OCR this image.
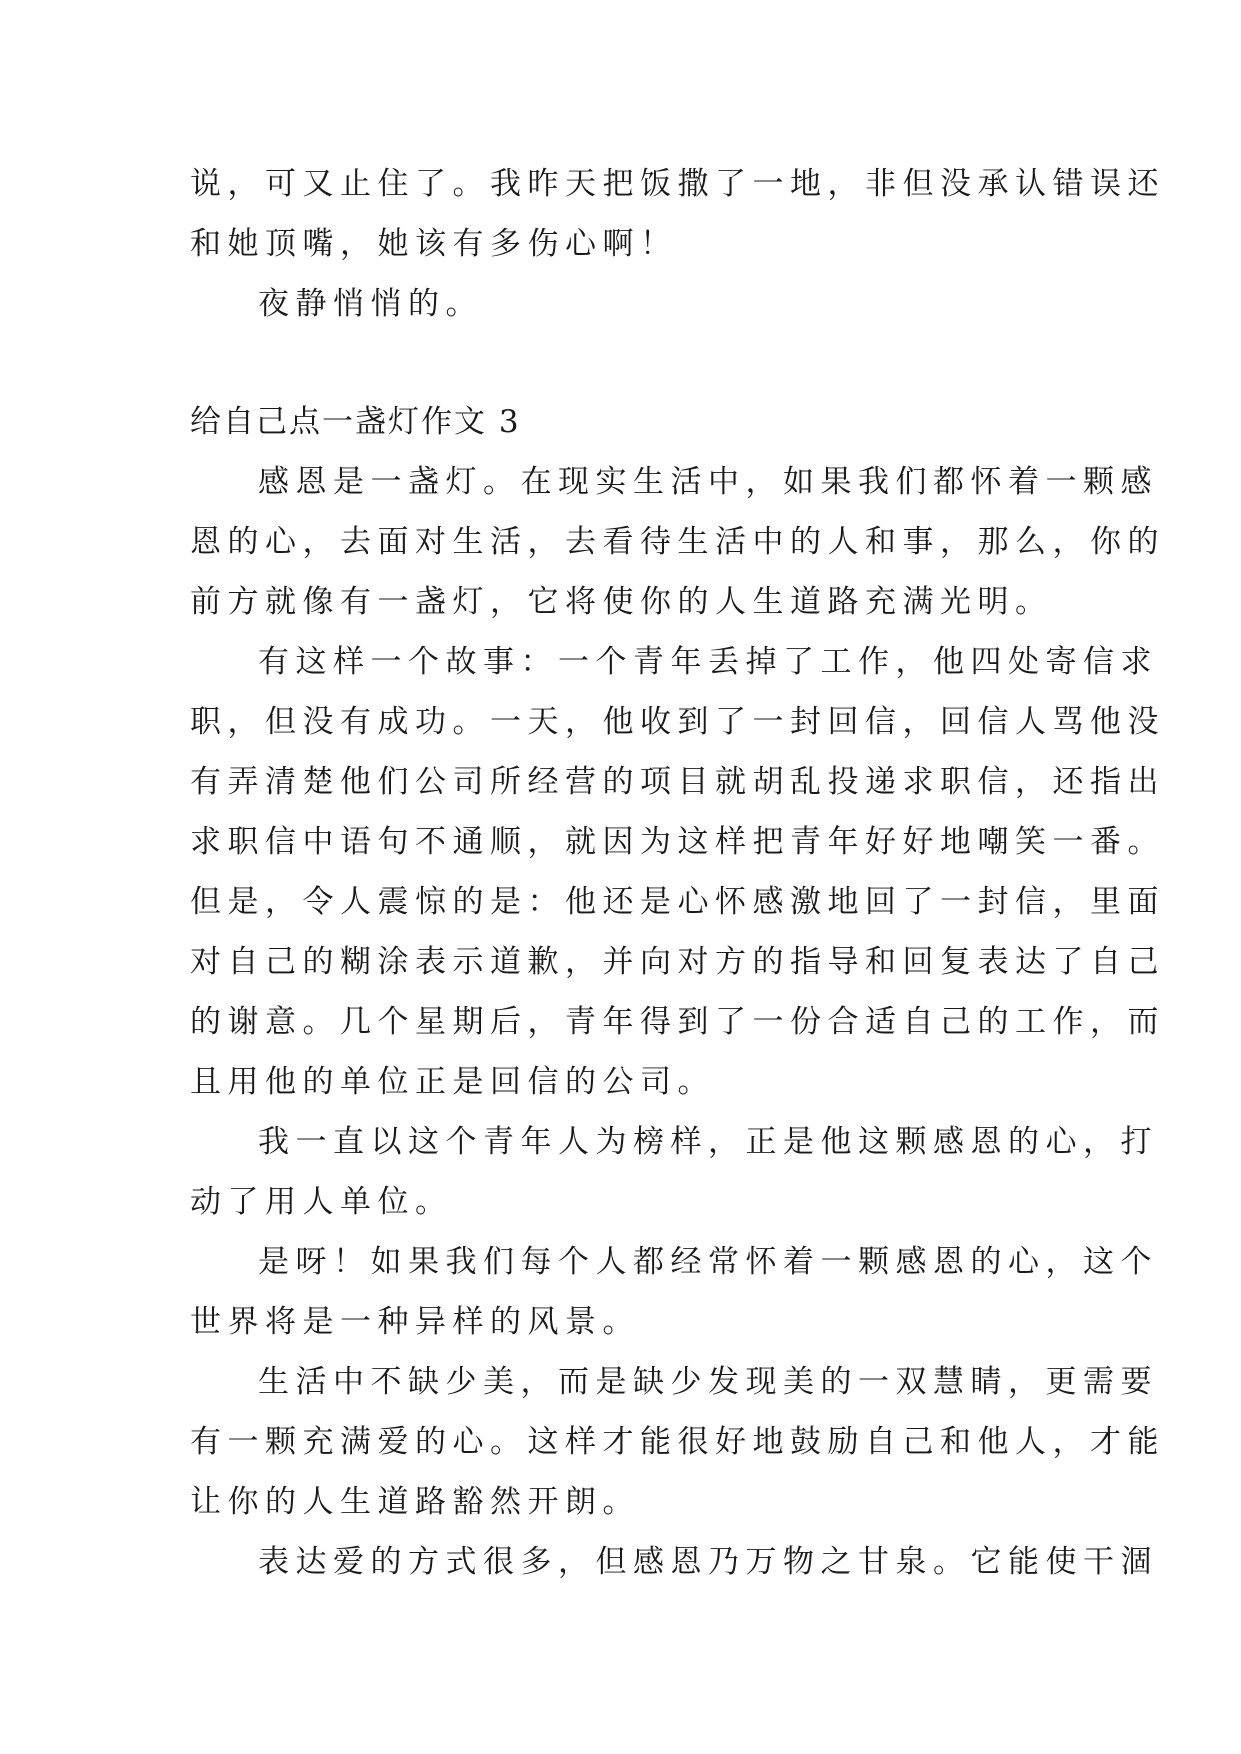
说，可又止住了。我昨天把饭撒了一地，非但没承认错误还
和她顶嘴，她该有多伤心啊！
夜静悄悄的。
给自己点一盏灯作文 3
感恩是一盏灯。在现实生活中，如果我们都怀着一颗感
恩的心，去面对生活，去看待生活中的人和事，那么，你的
前方就像有一盏灯，它将使你的人生道路充满光明。
有这样一个故事：一个青年丢掉了工作，他四处寄信求
职，但没有成功。一天，他收到了一封回信，回信人骂他没
有弄清楚他们公司所经营的项目就胡乱投递求职信，还指出
求职信中语句不通顺，就因为这样把青年好好地嘲笑一番。
但是，令人震惊的是：他还是心怀感激地回了一封信，里面
对自己的糊涂表示道歉，并向对方的指导和回复表达了自己
的谢意。几个星期后，青年得到了一份合适自己的工作，而
且用他的单位正是回信的公司。
我一直以这个青年人为榜样，正是他这颗感恩的心，打
动了用人单位。
是呀！如果我们每个人都经常怀着一颗感恩的心，这个
世界将是一种异样的风景。
生活中不缺少美，而是缺少发现美的一双慧睛，更需要
有一颗充满爱的心。这样才能很好地鼓励自己和他人，才能
让你的人生道路豁然开朗。
表达爱的方式很多，但感恩乃万物之甘泉。它能使干涸
